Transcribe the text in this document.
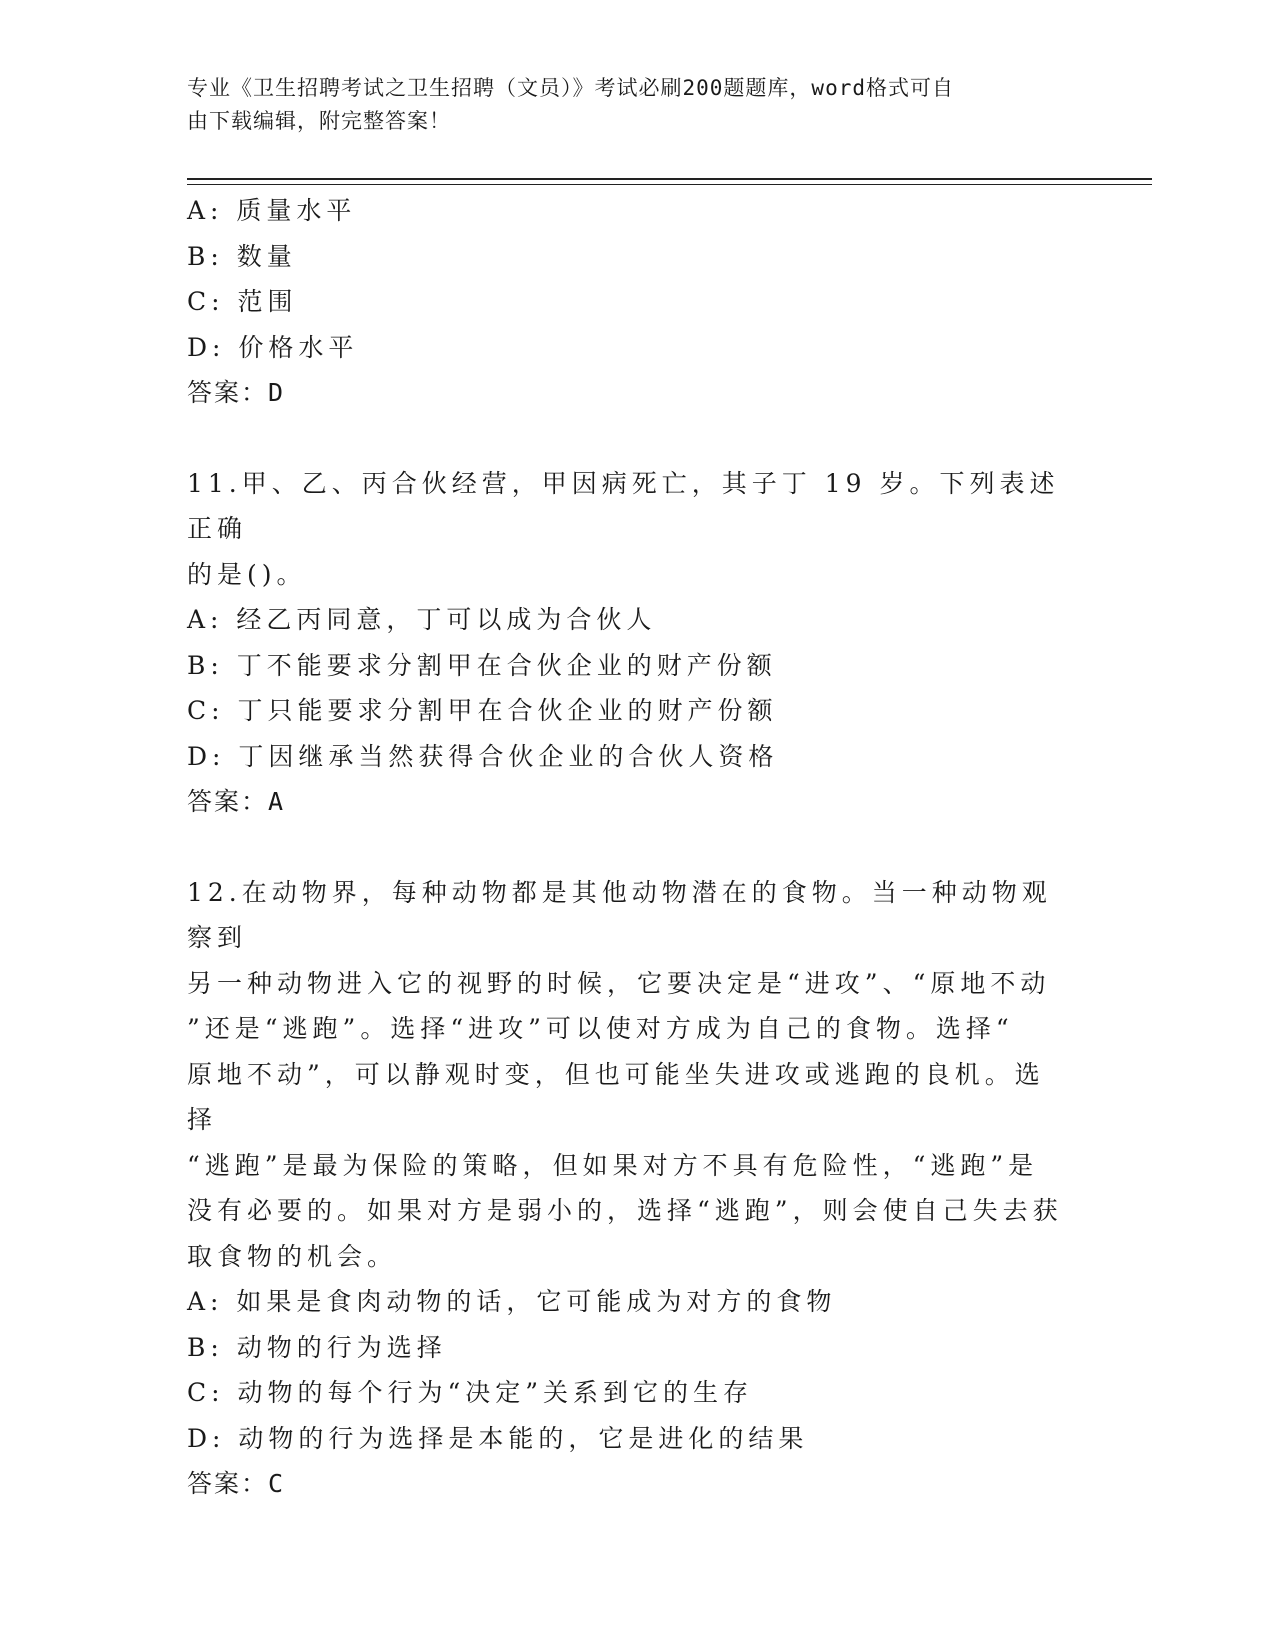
专业《卫生招聘考试之卫生招聘（文员）》考试必刷200题题库，word格式可自
由下载编辑，附完整答案！
A: 质量水平
B: 数量
C: 范围
D: 价格水平
答案：D
11.甲、乙、丙合伙经营，甲因病死亡，其子丁 19 岁。下列表述正确
的是()。
A: 经乙丙同意，丁可以成为合伙人
B: 丁不能要求分割甲在合伙企业的财产份额
C: 丁只能要求分割甲在合伙企业的财产份额
D: 丁因继承当然获得合伙企业的合伙人资格
答案：A
12.在动物界，每种动物都是其他动物潜在的食物。当一种动物观察到
另一种动物进入它的视野的时候，它要决定是“进攻”、“原地不动
”还是“逃跑”。选择“进攻”可以使对方成为自己的食物。选择“
原地不动”，可以静观时变，但也可能坐失进攻或逃跑的良机。选择
“逃跑”是最为保险的策略，但如果对方不具有危险性，“逃跑”是
没有必要的。如果对方是弱小的，选择“逃跑”，则会使自己失去获
取食物的机会。
A: 如果是食肉动物的话，它可能成为对方的食物
B: 动物的行为选择
C: 动物的每个行为“决定”关系到它的生存
D: 动物的行为选择是本能的，它是进化的结果
答案：C
